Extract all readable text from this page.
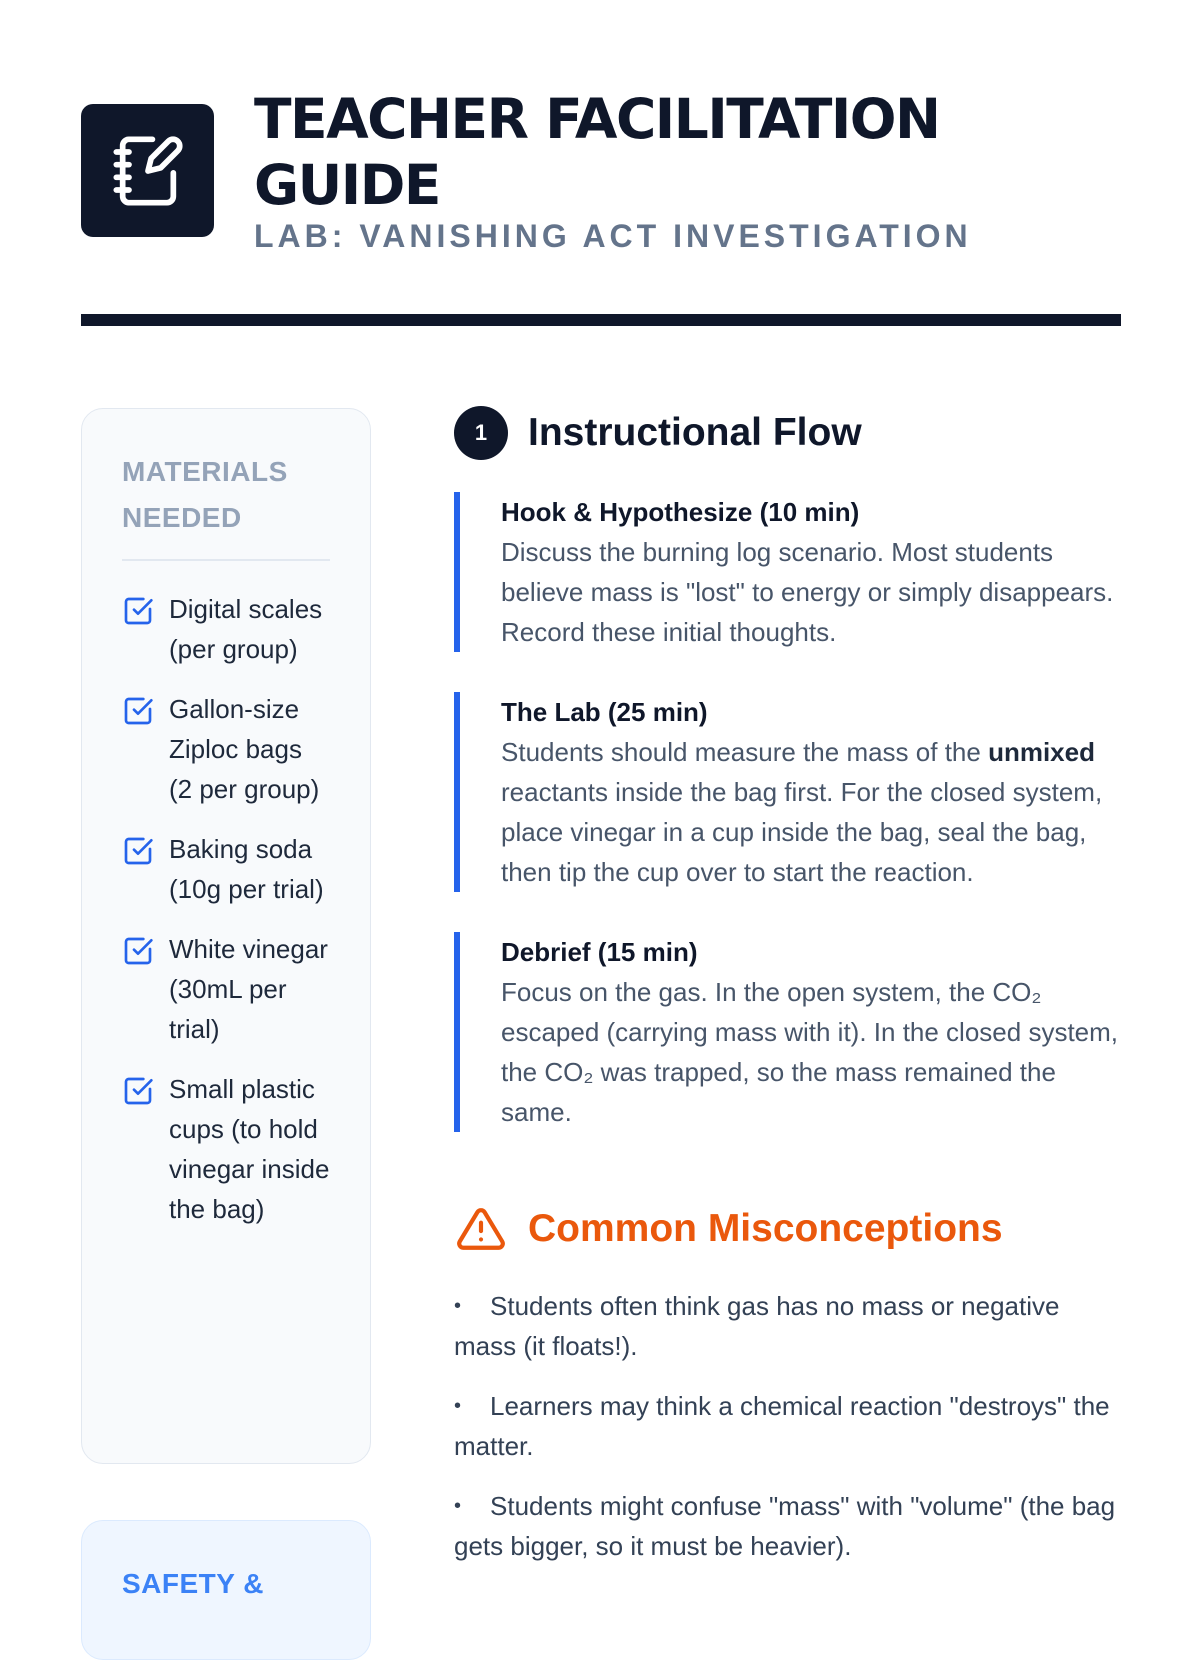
TEACHER FACILITATION GUIDE

LAB: VANISHING ACT INVESTIGATION

MATERIALS NEEDED
Digital scales (per group)
Gallon-size Ziploc bags (2 per group)
Baking soda (10g per trial)
White vinegar (30mL per trial)
Small plastic cups (to hold vinegar inside the bag)
SAFETY &
1	Instructional Flow
Hook & Hypothesize (10 min)

Discuss the burning log scenario. Most students believe mass is "lost" to energy or simply disappears. Record these initial thoughts.

The Lab (25 min)

Students should measure the mass of the unmixed reactants inside the bag first. For the closed system, place vinegar in a cup inside the bag, seal the bag, then tip the cup over to start the reaction.

Debrief (15 min)

Focus on the gas. In the open system, the CO₂ escaped (carrying mass with it). In the closed system, the CO₂ was trapped, so the mass remained the same.

Common Misconceptions
• Students often think gas has no mass or negative mass (it floats!).
• Learners may think a chemical reaction "destroys" the matter.
• Students might confuse "mass" with "volume" (the bag gets bigger, so it must be heavier).
